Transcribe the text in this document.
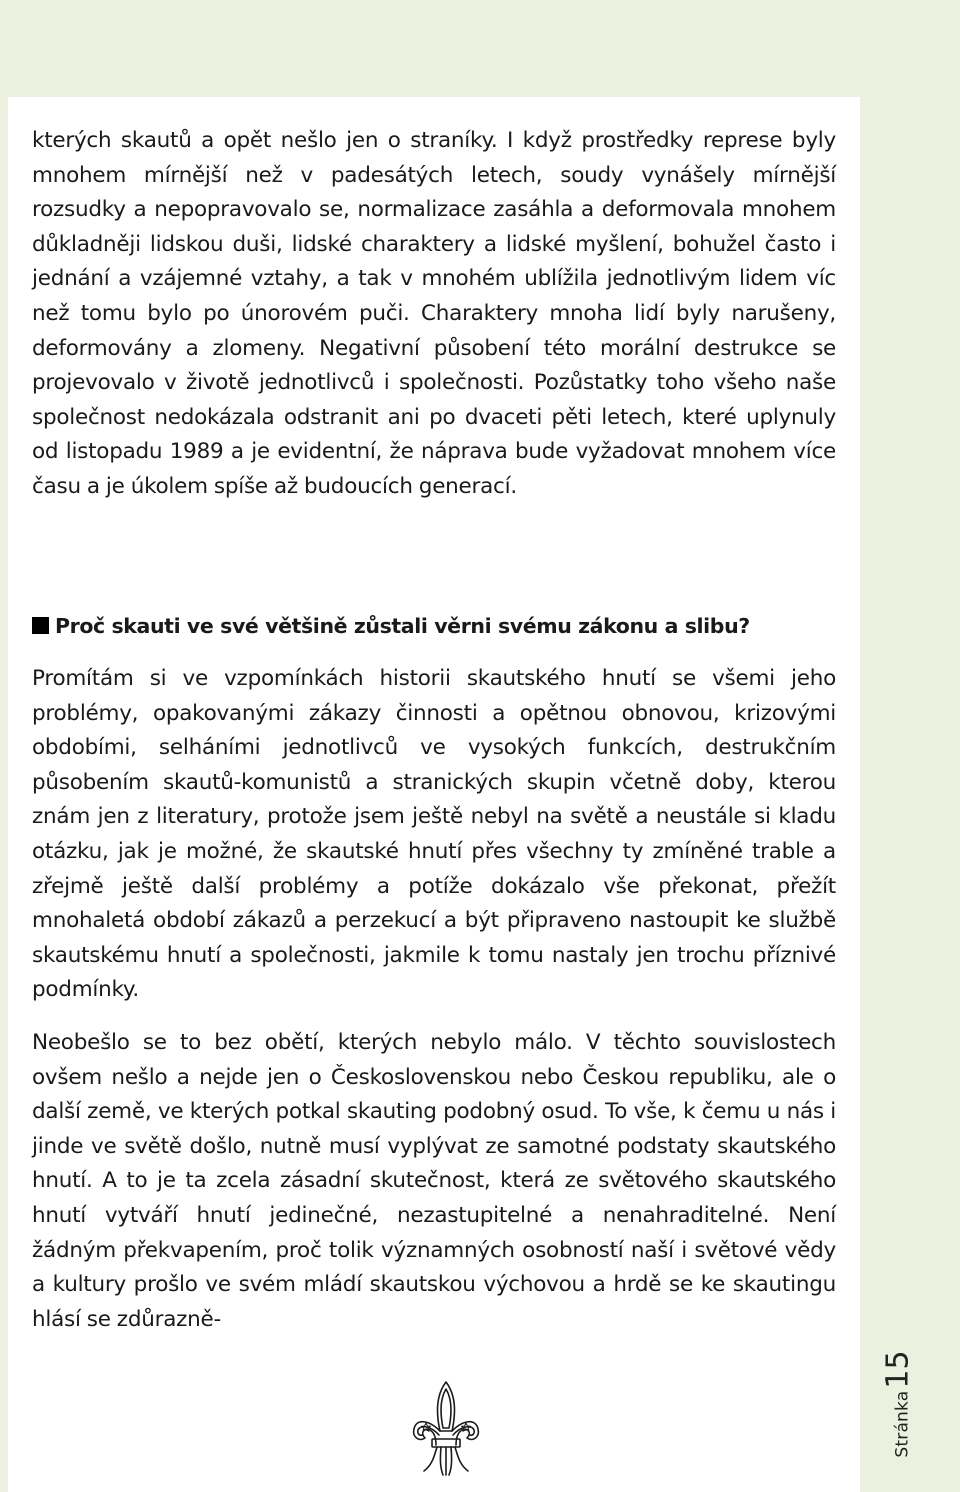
kterých skautů a opět nešlo jen o straníky. I když prostředky represe byly mnohem mírnější než v padesátých letech, soudy vynášely mírnější rozsudky a nepopravovalo se, normalizace zasáhla a deformovala mnohem důkladněji lidskou duši, lidské charaktery a lidské myšlení, bohužel často i jednání a vzájemné vztahy, a tak v mnohém ublížila jednotlivým lidem víc než tomu bylo po únorovém puči. Charaktery mnoha lidí byly narušeny, deformovány a zlomeny. Negativní působení této morální destrukce se projevovalo v životě jednotlivců i společnosti. Pozůstatky toho všeho naše společnost nedokázala odstranit ani po dvaceti pěti letech, které uplynuly od listopadu 1989 a je evidentní, že náprava bude vyžadovat mnohem více času a je úkolem spíše až budoucích generací.

Proč skauti ve své většině zůstali věrni svému zákonu a slibu?

Promítám si ve vzpomínkách historii skautského hnutí se všemi jeho problémy, opakovanými zákazy činnosti a opětnou obnovou, krizovými obdobími, selháními jednotlivců ve vysokých funkcích, destrukčním působením skautů-komunistů a stranických skupin včetně doby, kterou znám jen z literatury, protože jsem ještě nebyl na světě a neustále si kladu otázku, jak je možné, že skautské hnutí přes všechny ty zmíněné trable a zřejmě ještě další problémy a potíže dokázalo vše překonat, přežít mnohaletá období zákazů a perzekucí a být připraveno nastoupit ke službě skautskému hnutí a společnosti, jakmile k tomu nastaly jen trochu příznivé podmínky.

Neobešlo se to bez obětí, kterých nebylo málo. V těchto souvislostech ovšem nešlo a nejde jen o Československou nebo Českou republiku, ale o další země, ve kterých potkal skauting podobný osud. To vše, k čemu u nás i jinde ve světě došlo, nutně musí vyplývat ze samotné podstaty skautského hnutí. A to je ta zcela zásadní skutečnost, která ze světového skautského hnutí vytváří hnutí jedinečné, nezastupitelné a nenahraditelné. Není žádným překvapením, proč tolik významných osobností naší i světové vědy a kultury prošlo ve svém mládí skautskou výchovou a hrdě se ke skautingu hlásí se zdůrazně-

Stránka15
